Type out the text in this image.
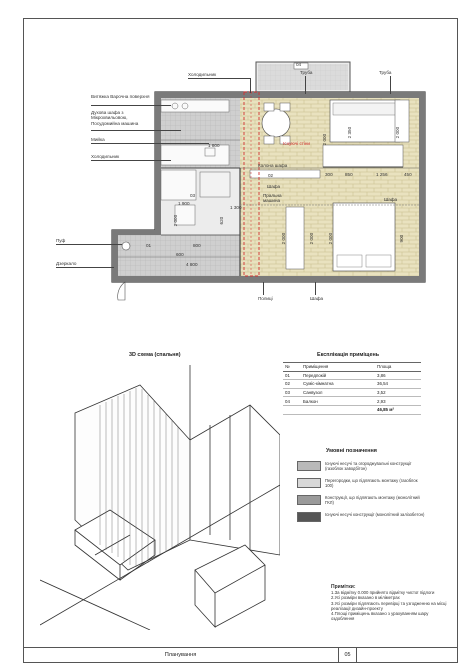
04
02
03
01
1 800
1 300
300	850	1 256	450
600
1 900
800
4 800
2 350	2 000
2 000
2 000	2 000	2 000	900
2 000	620
Витяжка Варочна поверхня
Духова шафа з Мікрохвильовою, Посудомийна машина
Мийка
Холодильник
Пуф
Дзеркало
Холодильник	Труба	Труба
Колона шафа
Пральна машина
Шафа
Шафа
Існуючі стіни
Полиці	Шафа
3D схема (спальня)	Експлікація приміщень
№	Приміщення	Площа
01	Передпокій	3,86
02	Суміс-кімнатна	36,54
03	Санвузол	3,52
04	Балкон	2,93
		46,85 м²
Умовні позначення
Існуючі несучі та огороджувальні конструкції (газоблок заводбітон)
Перегородки, що підлягають монтажу (газоблок 100)
Конструкції, що підлягають монтажу (монолітний ГКЛ)
Існуючі несучі конструкції (монолітний залізобетон)
Примітки:
1.За відмітку 0.000 прийнято відмітку чистої підлоги
2.Усі розміри вказано в міліметрах
3.Усі розміри підлягають перевірці та узгодженню на місці реалізації дизайн-проекту
4.Площі приміщень вказано з урахуванням шару оздоблення
Планування	05
